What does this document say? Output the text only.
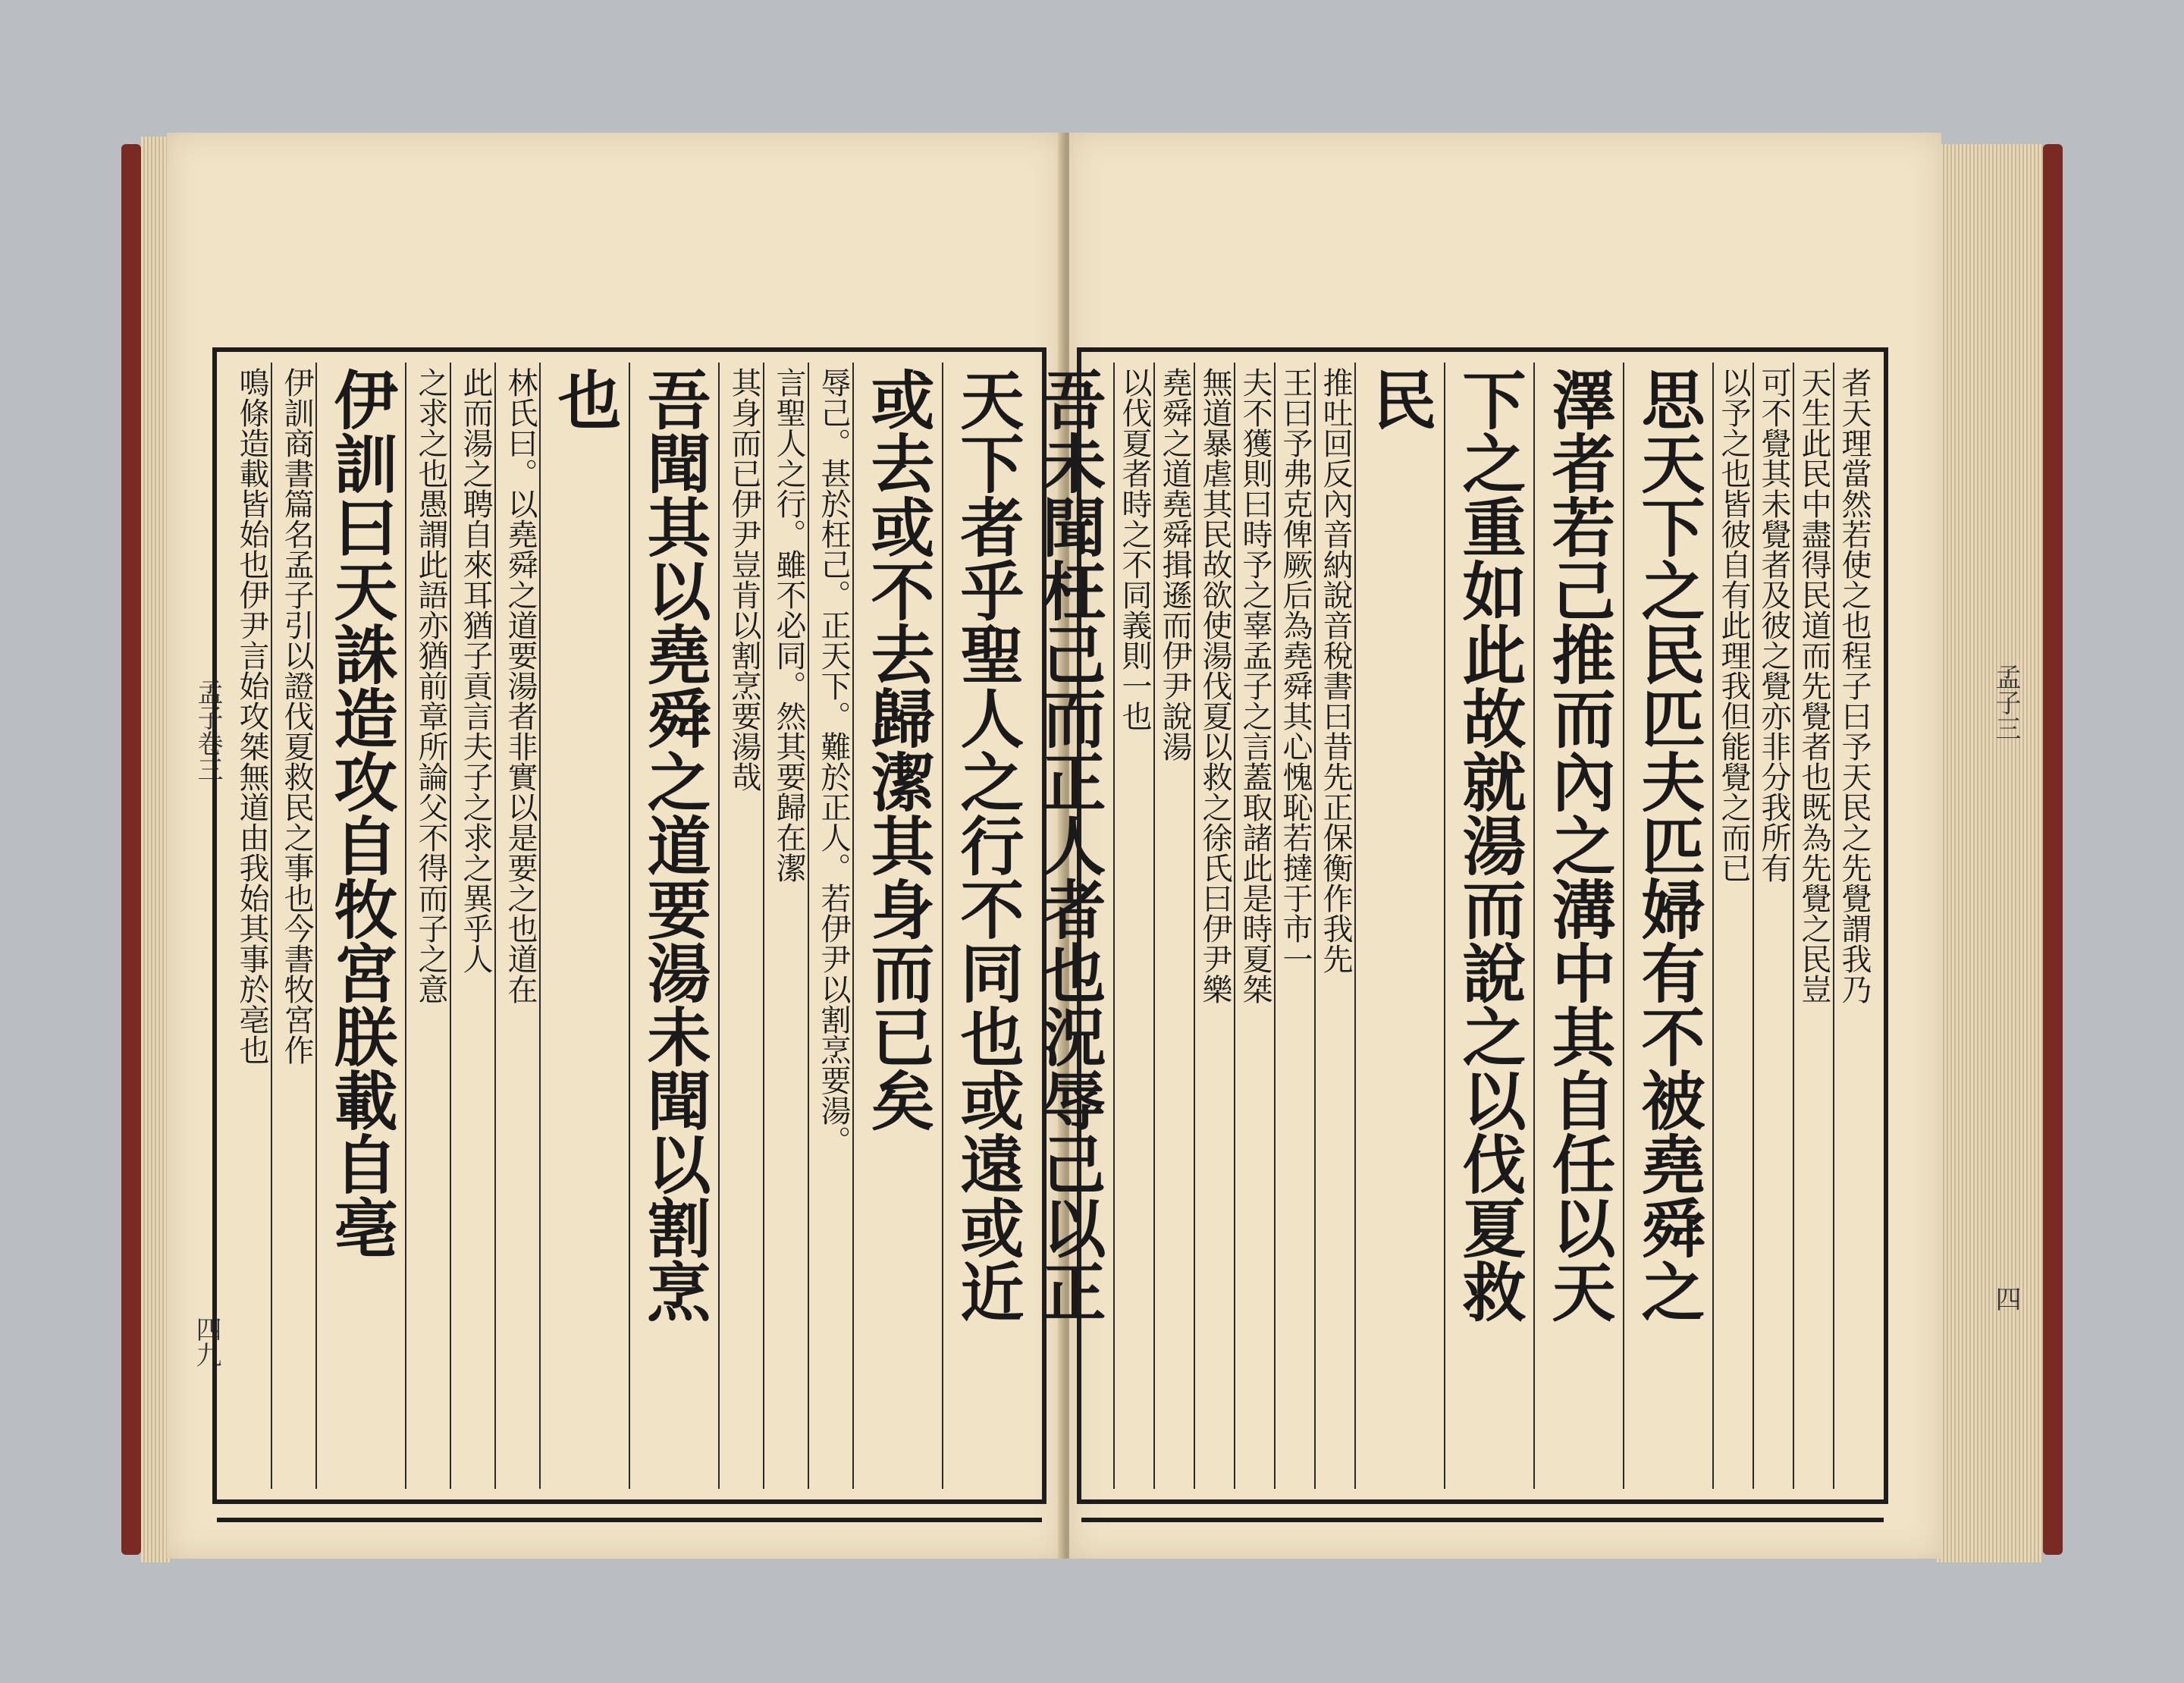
孟子卷三
四九
天下者乎聖人之行不同也或遠或近
或去或不去歸潔其身而已矣
辱己。甚於枉己。正天下。難於正人。若伊尹以割烹要湯。
言聖人之行。雖不必同。然其要歸在潔
其身而已伊尹豈肯以割烹要湯哉
吾聞其以堯舜之道要湯未聞以割烹
也
林氏曰。以堯舜之道要湯者非實以是要之也道在
此而湯之聘自來耳猶子貢言夫子之求之異乎人
之求之也愚謂此語亦猶前章所論父不得而子之意
伊訓曰天誅造攻自牧宮朕載自亳
伊訓商書篇名孟子引以證伐夏救民之事也今書牧宮作
鳴條造載皆始也伊尹言始攻桀無道由我始其事於亳也	孟子三
四
者天理當然若使之也程子曰予天民之先覺謂我乃
天生此民中盡得民道而先覺者也既為先覺之民豈
可不覺其未覺者及彼之覺亦非分我所有
以予之也皆彼自有此理我但能覺之而已
思天下之民匹夫匹婦有不被堯舜之
澤者若己推而內之溝中其自任以天
下之重如此故就湯而說之以伐夏救
民
推吐回反內音納說音稅書曰昔先正保衡作我先
王曰予弗克俾厥后為堯舜其心愧恥若撻于市一
夫不獲則曰時予之辜孟子之言蓋取諸此是時夏桀
無道暴虐其民故欲使湯伐夏以救之徐氏曰伊尹樂
堯舜之道堯舜揖遜而伊尹說湯
以伐夏者時之不同義則一也
吾未聞枉己而正人者也況辱己以正
